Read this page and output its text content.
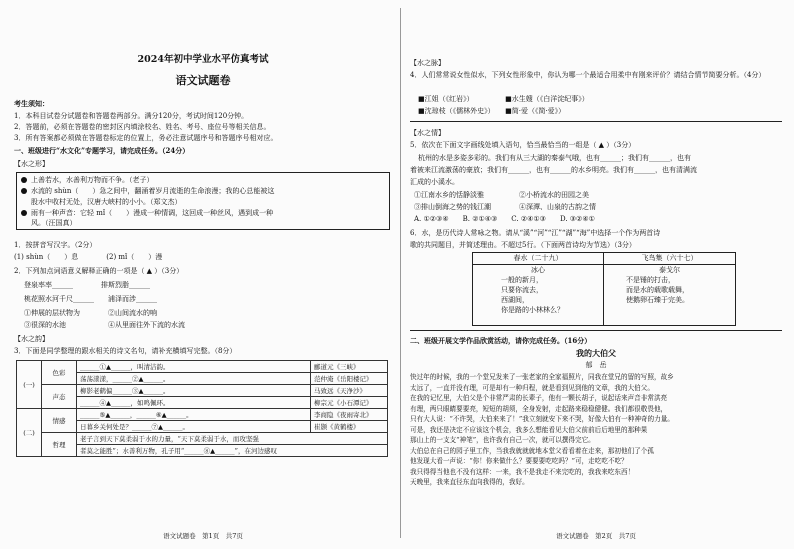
2024年初中学业水平仿真考试
语文试题卷
考生须知：
1．本科目试卷分试题卷和答题卷两部分。满分120分，考试时间120分钟。
2．答题前，必须在答题卷的密封区内填涂校名、姓名、考号、座位号等相关信息。
3．所有答案都必须做在答题卷标定的位置上，务必注意试题序号和答题序号相对应。
一、班级进行“水文化”专题学习，请完成任务。（24分）
【水之形】
上善若水，水善利万物而不争。（老子）
水流的 shùn（　　）急之间中，翻涌着岁月流逝的生命浪漫；我的心总能被这
股水中收村无处，汉唐大峡村的小小。（郑文杰）
雨有一种声音：它轻 mǐ（　　）漫成一种情调，这回成一种丝风，遇到成一种
风。（汪国真）
1．按拼音写汉字。（2分）
(1) shùn（　　）息　　　　(2) mǐ（　　）漫
2．下列加点词语意义解释正确的一项是（ ▲ ）（3分）
登泉率率______　　　　排斯烈脂______
桃花照水河千尺______　　浦泽而涉______
①伸展的层状物为　　　　②山间流水的响
③很深的水池　　　　　　④从里面往外下流的水流
【水之韵】
3．下面是同学整理的跟水相关的诗文名句，请补充横填写完整。（8分）
(一)	色彩	______①▲______，叫清洁韵。	郦道元《三峡》
		荡荡漾漾，______②▲______。	范仲淹《岳阳楼记》
	声态	柳影老鹤偏______③▲______。	马致远《天净沙》
		______④▲______，如鸣佩环。	柳宗元《小石潭记》
(二)	情感	______⑤▲______，______⑥▲______。	李商隐《夜雨寄北》
		日暮乡关何处是？______⑦▲______。	崔颢《黄鹤楼》
	哲理	老子言到天下莫柔弱于水的力量，“天下莫柔弱于水，而攻坚强	
		者莫之能胜”；水善利万物，孔子用“______⑧▲______”，在河边感叹	
语文试题卷　第1页　共7页
【水之脉】
4．人们常常说女性似水，下列女性形象中，你认为哪一个最适合用柔中有刚来评价？请结合情节简要分析。（4分）
■江姐（《红岩》）　　　　　■水生嫂（《白洋淀纪事》）
■沈琼枝（《儒林外史》）　　■简·爱（《简·爱》）
【水之情】
5．依次在下面文字画线处填入语句，恰当最恰当的一组是（ ▲ ）（3分）
杭州的水是多姿多彩的。我们有从三大湖的秦泰气哦，也有______；我们有______，也有
着被来江流激荡的豪放；我们有______，也有______的水乡明亮。我们有______，也有清满流
汇成的小溪水。
①江南水乡的恬静淡雅　　　　　②小桥流水的田园之美
③排山倒海之势的钱江潮　　　　④深潭、山泉的古韵之情
A. ①②③④　　B. ②①④③　　C. ②④①③　　D. ③②④①
6．水，是历代诗人常咏之物。请从“溪”“河”“江”“湖”“海”中选择一个作为两首诗
歌的共同题目，并简述理由。不超过5行。（下面两首诗均为节选）（3分）
春水（二十九）
冰心
一般的新月，
只要你流去，
西湖间，
你是路的小林林么？
飞鸟集（六十七）
泰戈尔
不是锤的打击，
而是水的载歌载舞，
使鹅卵石臻于完美。
二、班级开展文学作品欣赏活动，请你完成任务。（16分）
我的大伯父
郁　岳
快过年的时候，我的一个堂兄发来了一张老家的全家福照片，同我在堂兄的留的写照，故乡
太远了，一直并没有理，可是却有一种归程，就是看到见到他的文章，我的大伯父。
在我的记忆里，大伯父是个非常严肃的长辈子，他有一颗长胡子，说起话来声音非常洪亮
有理，两只眼睛要要亮，短短的胡须，全身发射，走起路来稳稳健健。我们都很敬畏他，
只有大人说：“不许哭，大伯来来了！”我立刻就安下来不哭，好像大伯有一种神奇的力量。
可是，我还是决定不应该这个机会，我多么想能看见大伯父前前后后地里的那种果
那山上的一支支“神笔”，也许我有自己一次，就可以撰得完它。
大伯总在自己的园子里工作，当我我就就就地本堂父看看着在走来，那初他们了个孤
他发现大看一声说：“你！你来做什么？要要要吃吃吗？”可，走吃吃不吃？
我只得得当他也不没有这样：一来，我不是我走不来完吃的，我我来吃东西！
天晚里，我来直径东直向我得的，我好。
语文试题卷　第2页　共7页
